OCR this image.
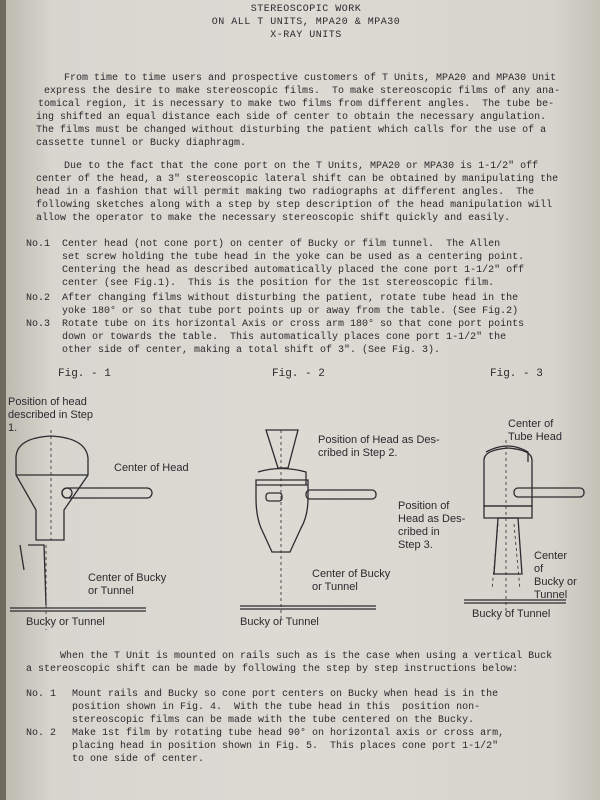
STEREOSCOPIC WORK
ON ALL T UNITS, MPA20 & MPA30
X-RAY UNITS
From time to time users and prospective customers of T Units, MPA20 and MPA30 Unit
express the desire to make stereoscopic films.  To make stereoscopic films of any ana-
tomical region, it is necessary to make two films from different angles.  The tube be-
ing shifted an equal distance each side of center to obtain the necessary angulation.
The films must be changed without disturbing the patient which calls for the use of a
cassette tunnel or Bucky diaphragm.
Due to the fact that the cone port on the T Units, MPA20 or MPA30 is 1-1/2" off
center of the head, a 3" stereoscopic lateral shift can be obtained by manipulating the
head in a fashion that will permit making two radiographs at different angles.  The
following sketches along with a step by step description of the head manipulation will
allow the operator to make the necessary stereoscopic shift quickly and easily.
No.1 Center head (not cone port) on center of Bucky or film tunnel.  The Allen
set screw holding the tube head in the yoke can be used as a centering point.
Centering the head as described automatically placed the cone port 1-1/2" off
center (see Fig.1).  This is the position for the 1st stereoscopic film.
No.2 After changing films without disturbing the patient, rotate tube head in the
yoke 180° or so that tube port points up or away from the table. (See Fig.2)
No.3 Rotate tube on its horizontal Axis or cross arm 180° so that cone port points
down or towards the table.  This automatically places cone port 1-1/2" the
other side of center, making a total shift of 3". (See Fig. 3).
Fig. - 1	Fig. - 2	Fig. - 3
Position of head
described in Step
1.
Center of Head
Center of Bucky
or Tunnel
Bucky or Tunnel
Position of Head as Des-
cribed in Step 2.
Center of Bucky
or Tunnel
Bucky or Tunnel
Center of
Tube Head
Position of
Head as Des-
cribed in
Step 3.
Center
of
Bucky or
Tunnel
Bucky of Tunnel
When the T Unit is mounted on rails such as is the case when using a vertical Buck
a stereoscopic shift can be made by following the step by step instructions below:
No. 1 Mount rails and Bucky so cone port centers on Bucky when head is in the
position shown in Fig. 4.  With the tube head in this  position non-
stereoscopic films can be made with the tube centered on the Bucky.
No. 2 Make 1st film by rotating tube head 90° on horizontal axis or cross arm,
placing head in position shown in Fig. 5.  This places cone port 1-1/2"
to one side of center.
